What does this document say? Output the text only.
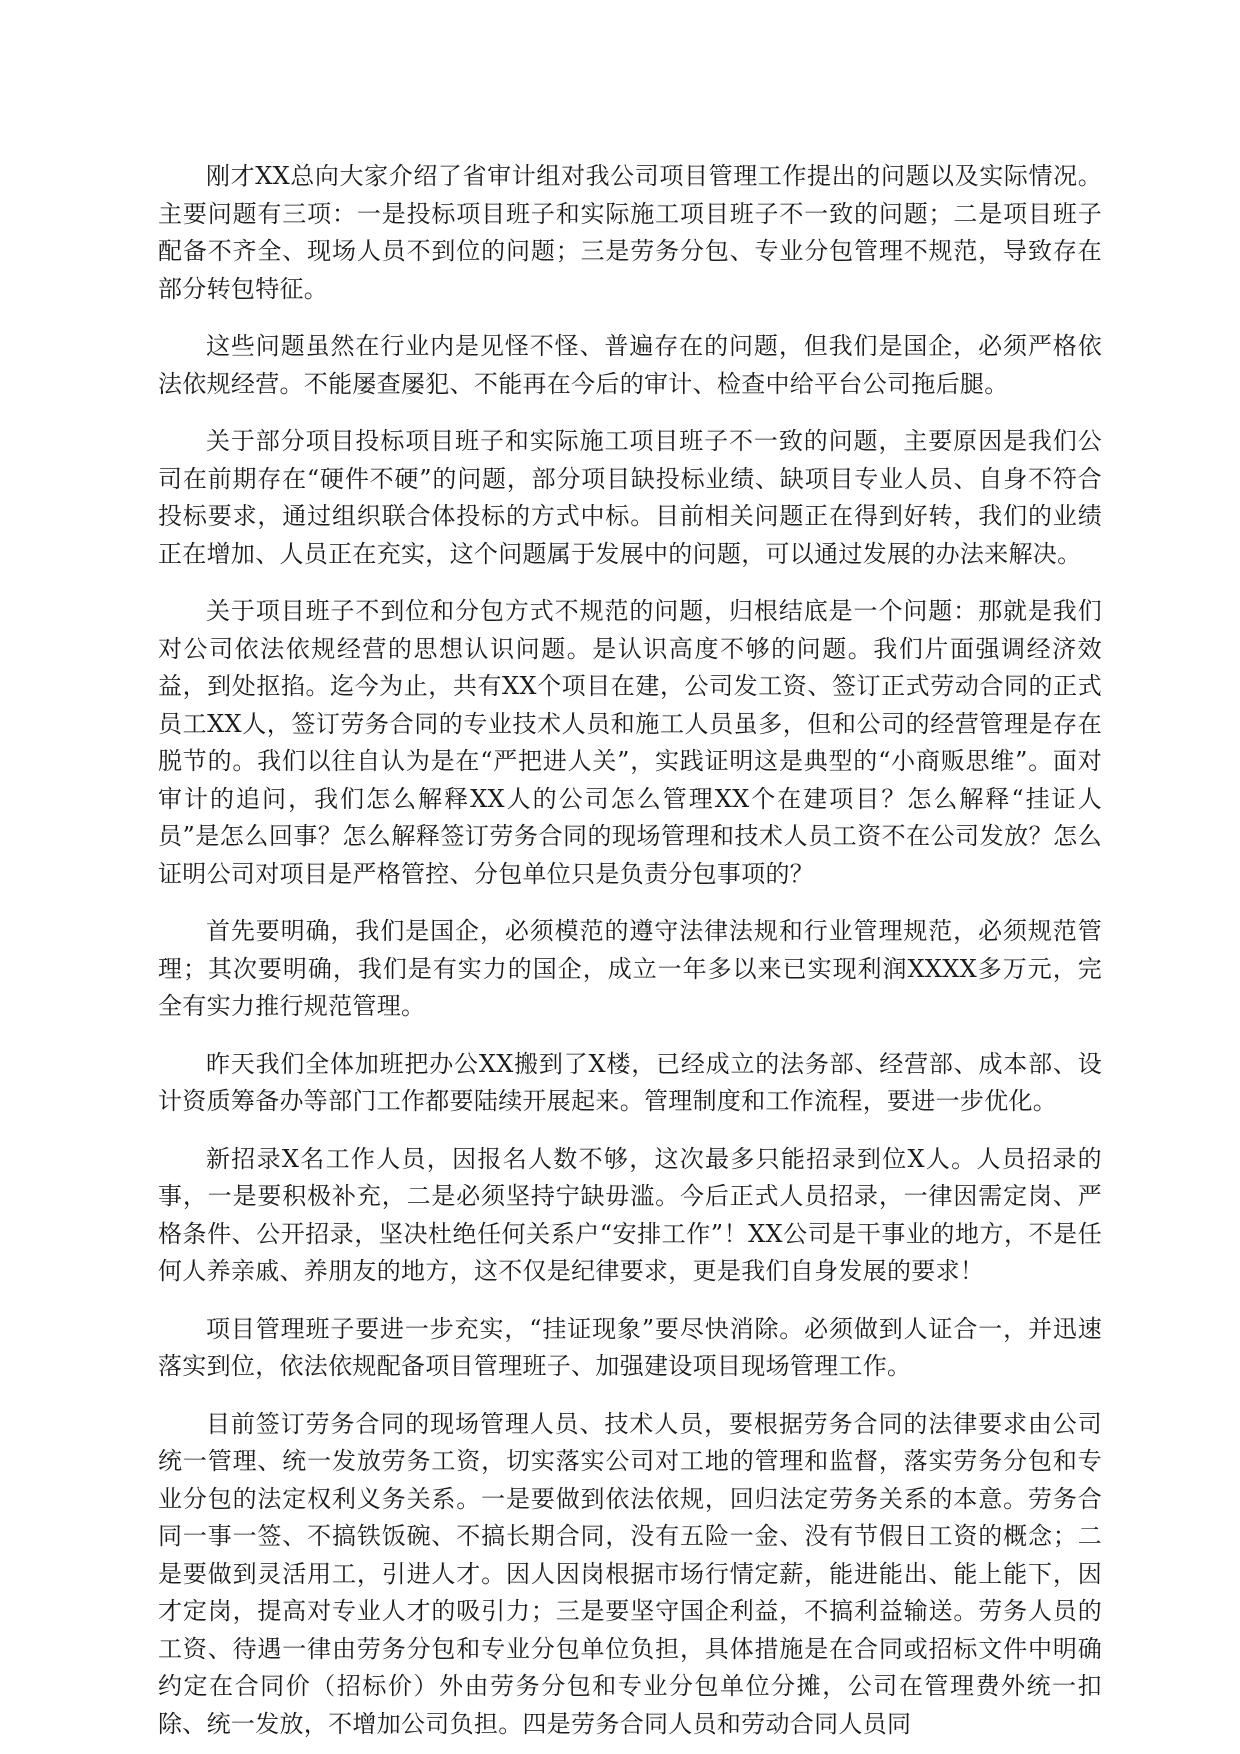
刚才XX总向大家介绍了省审计组对我公司项目管理工作提出的问题以及实际情况。主要问题有三项：一是投标项目班子和实际施工项目班子不一致的问题；二是项目班子配备不齐全、现场人员不到位的问题；三是劳务分包、专业分包管理不规范，导致存在部分转包特征。

这些问题虽然在行业内是见怪不怪、普遍存在的问题，但我们是国企，必须严格依法依规经营。不能屡查屡犯、不能再在今后的审计、检查中给平台公司拖后腿。

关于部分项目投标项目班子和实际施工项目班子不一致的问题，主要原因是我们公司在前期存在“硬件不硬”的问题，部分项目缺投标业绩、缺项目专业人员、自身不符合投标要求，通过组织联合体投标的方式中标。目前相关问题正在得到好转，我们的业绩正在增加、人员正在充实，这个问题属于发展中的问题，可以通过发展的办法来解决。

关于项目班子不到位和分包方式不规范的问题，归根结底是一个问题：那就是我们对公司依法依规经营的思想认识问题。是认识高度不够的问题。我们片面强调经济效益，到处抠掐。迄今为止，共有XX个项目在建，公司发工资、签订正式劳动合同的正式员工XX人，签订劳务合同的专业技术人员和施工人员虽多，但和公司的经营管理是存在脱节的。我们以往自认为是在“严把进人关”，实践证明这是典型的“小商贩思维”。面对审计的追问，我们怎么解释XX人的公司怎么管理XX个在建项目？怎么解释“挂证人员”是怎么回事？怎么解释签订劳务合同的现场管理和技术人员工资不在公司发放？怎么证明公司对项目是严格管控、分包单位只是负责分包事项的？

首先要明确，我们是国企，必须模范的遵守法律法规和行业管理规范，必须规范管理；其次要明确，我们是有实力的国企，成立一年多以来已实现利润XXXX多万元，完全有实力推行规范管理。

昨天我们全体加班把办公XX搬到了X楼，已经成立的法务部、经营部、成本部、设计资质筹备办等部门工作都要陆续开展起来。管理制度和工作流程，要进一步优化。

新招录X名工作人员，因报名人数不够，这次最多只能招录到位X人。人员招录的事，一是要积极补充，二是必须坚持宁缺毋滥。今后正式人员招录，一律因需定岗、严格条件、公开招录，坚决杜绝任何关系户“安排工作”！XX公司是干事业的地方，不是任何人养亲戚、养朋友的地方，这不仅是纪律要求，更是我们自身发展的要求！

项目管理班子要进一步充实，“挂证现象”要尽快消除。必须做到人证合一，并迅速落实到位，依法依规配备项目管理班子、加强建设项目现场管理工作。

目前签订劳务合同的现场管理人员、技术人员，要根据劳务合同的法律要求由公司统一管理、统一发放劳务工资，切实落实公司对工地的管理和监督，落实劳务分包和专业分包的法定权利义务关系。一是要做到依法依规，回归法定劳务关系的本意。劳务合同一事一签、不搞铁饭碗、不搞长期合同，没有五险一金、没有节假日工资的概念；二是要做到灵活用工，引进人才。因人因岗根据市场行情定薪，能进能出、能上能下，因才定岗，提高对专业人才的吸引力；三是要坚守国企利益，不搞利益输送。劳务人员的工资、待遇一律由劳务分包和专业分包单位负担，具体措施是在合同或招标文件中明确约定在合同价（招标价）外由劳务分包和专业分包单位分摊，公司在管理费外统一扣除、统一发放，不增加公司负担。四是劳务合同人员和劳动合同人员同
